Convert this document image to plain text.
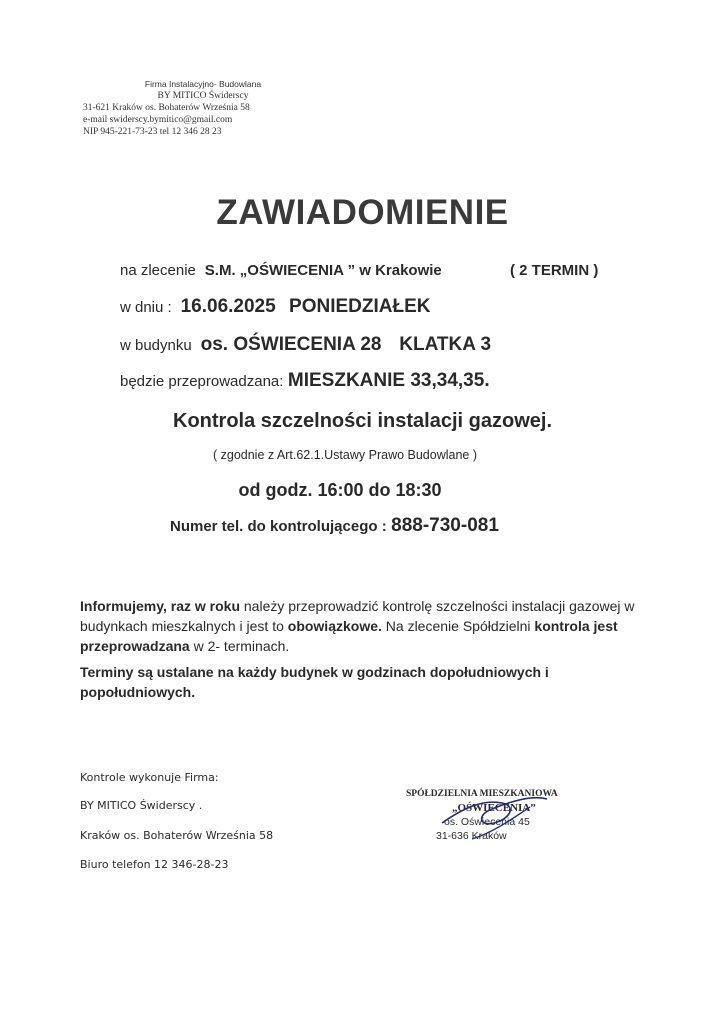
Firma Instalacyjno- Budowlana
BY MITICO Świderscy
31-621 Kraków os. Bohaterów Września 58
e-mail swiderscy.bymitico@gmail.com
NIP 945-221-73-23 tel 12 346 28 23
ZAWIADOMIENIE
na zlecenie S.M. „OŚWIECENIA ” w Krakowie	( 2 TERMIN )
w dniu : 16.06.2025 PONIEDZIAŁEK
w budynku os. OŚWIECENIA 28 KLATKA 3
będzie przeprowadzana: MIESZKANIE 33,34,35.
Kontrola szczelności instalacji gazowej.
( zgodnie z Art.62.1.Ustawy Prawo Budowlane )
od godz. 16:00 do 18:30
Numer tel. do kontrolującego : 888-730-081
Informujemy, raz w roku należy przeprowadzić kontrolę szczelności instalacji gazowej w budynkach mieszkalnych i jest to obowiązkowe. Na zlecenie Spółdzielni kontrola jest przeprowadzana w 2- terminach.
Terminy są ustalane na każdy budynek w godzinach dopołudniowych i popołudniowych.
Kontrole wykonuje Firma:
BY MITICO Świderscy .
Kraków os. Bohaterów Września 58
Biuro telefon 12 346-28-23
SPÓŁDZIELNIA MIESZKANIOWA
„OŚWIECENIA”
os. Oświecenia 45
31-636 Kraków
